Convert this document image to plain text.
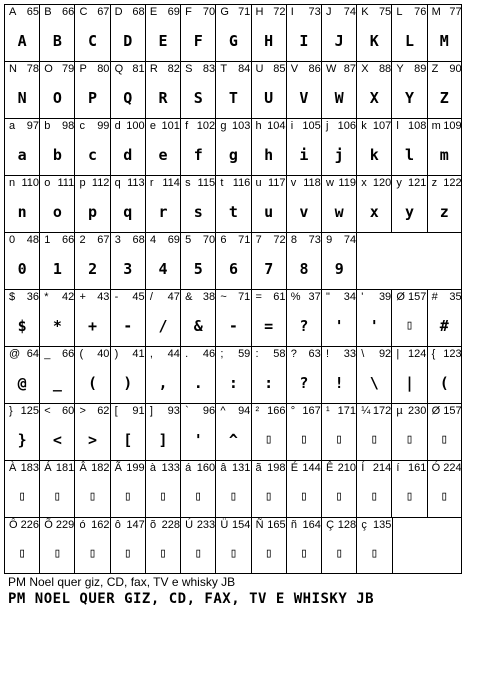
A 65
A
B 66
B
C 67
C
D 68
D
E 69
E
F 70
F
G 71
G
H 72
H
I 73
I
J 74
J
K 75
K
L 76
L
M 77
M
N 78
N
O 79
O
P 80
P
Q 81
Q
R 82
R
S 83
S
T 84
T
U 85
U
V 86
V
W 87
W
X 88
X
Y 89
Y
Z 90
Z
a 97
a
b 98
b
c 99
c
d 100
d
e 101
e
f 102
f
g 103
g
h 104
h
i 105
i
j 106
j
k 107
k
l 108
l
m 109
m
n 110
n
o 111
o
p 112
p
q 113
q
r 114
r
s 115
s
t 116
t
u 117
u
v 118
v
w 119
w
x 120
x
y 121
y
z 122
z
0 48
0
1 66
1
2 67
2
3 68
3
4 69
4
5 70
5
6 71
6
7 72
7
8 73
8
9 74
9
$ 36
$
* 42
*
+ 43
+
- 45
-
/ 47
/
& 38
&
~ 71
-
= 61
=
% 37
?
" 34
'
' 39
'
Ø 157
▯
# 35
#
@ 64
@
_ 66
_
( 40
(
) 41
)
, 44
,
. 46
.
; 59
:
: 58
:
? 63
?
! 33
!
\ 92
\
| 124
|
{ 123
(
} 125
}
< 60
<
> 62
>
[ 91
[
] 93
]
` 96
'
^ 94
^
² 166
▯
° 167
▯
¹ 171
▯
¼ 172
▯
µ 230
▯
Ø 157
▯
À 183
▯
Á 181
▯
Â 182
▯
Ã 199
▯
à 133
▯
á 160
▯
â 131
▯
ã 198
▯
É 144
▯
Ê 210
▯
Í 214
▯
í 161
▯
Ó 224
▯
Ô 226
▯
Õ 229
▯
ó 162
▯
ô 147
▯
õ 228
▯
Ú 233
▯
Ü 154
▯
Ñ 165
▯
ñ 164
▯
Ç 128
▯
ç 135
▯
PM Noel quer giz, CD, fax, TV e whisky JB
PM NOEL QUER GIZ, CD, FAX, TV E WHISKY JB
